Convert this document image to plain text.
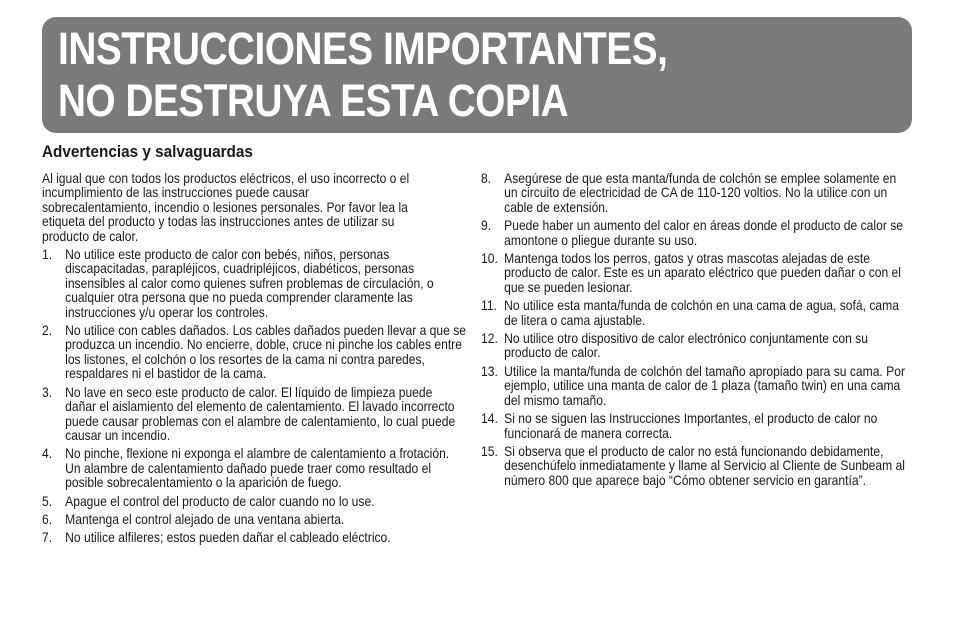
INSTRUCCIONES IMPORTANTES,
NO DESTRUYA ESTA COPIA
Advertencias y salvaguardas

Al igual que con todos los productos eléctricos, el uso incorrecto o el incumplimiento de las instrucciones puede causar sobrecalentamiento, incendio o lesiones personales. Por favor lea la etiqueta del producto y todas las instrucciones antes de utilizar su producto de calor.

1. No utilice este producto de calor con bebés, niños, personas discapacitadas, parapléjicos, cuadripléjicos, diabéticos, personas insensibles al calor como quienes sufren problemas de circulación, o cualquier otra persona que no pueda comprender claramente las instrucciones y/u operar los controles.
2. No utilice con cables dañados. Los cables dañados pueden llevar a que se produzca un incendio. No encierre, doble, cruce ni pinche los cables entre los listones, el colchón o los resortes de la cama ni contra paredes, respaldares ni el bastidor de la cama.
3. No lave en seco este producto de calor. El líquido de limpieza puede dañar el aislamiento del elemento de calentamiento. El lavado incorrecto puede causar problemas con el alambre de calentamiento, lo cual puede causar un incendio.
4. No pinche, flexione ni exponga el alambre de calentamiento a frotación. Un alambre de calentamiento dañado puede traer como resultado el posible sobrecalentamiento o la aparición de fuego.
5. Apague el control del producto de calor cuando no lo use.
6. Mantenga el control alejado de una ventana abierta.
7. No utilice alfileres; estos pueden dañar el cableado eléctrico.
8. Asegúrese de que esta manta/funda de colchón se emplee solamente en un circuito de electricidad de CA de 110-120 voltios. No la utilice con un cable de extensión.
9. Puede haber un aumento del calor en áreas donde el producto de calor se amontone o pliegue durante su uso.
10. Mantenga todos los perros, gatos y otras mascotas alejadas de este producto de calor. Este es un aparato eléctrico que pueden dañar o con el que se pueden lesionar.
11. No utilice esta manta/funda de colchón en una cama de agua, sofá, cama de litera o cama ajustable.
12. No utilice otro dispositivo de calor electrónico conjuntamente con su producto de calor.
13. Utilice la manta/funda de colchón del tamaño apropiado para su cama. Por ejemplo, utilice una manta de calor de 1 plaza (tamaño twin) en una cama del mismo tamaño.
14. Si no se siguen las Instrucciones Importantes, el producto de calor no funcionará de manera correcta.
15. Si observa que el producto de calor no está funcionando debidamente, desenchúfelo inmediatamente y llame al Servicio al Cliente de Sunbeam al número 800 que aparece bajo “Cómo obtener servicio en garantía”.
